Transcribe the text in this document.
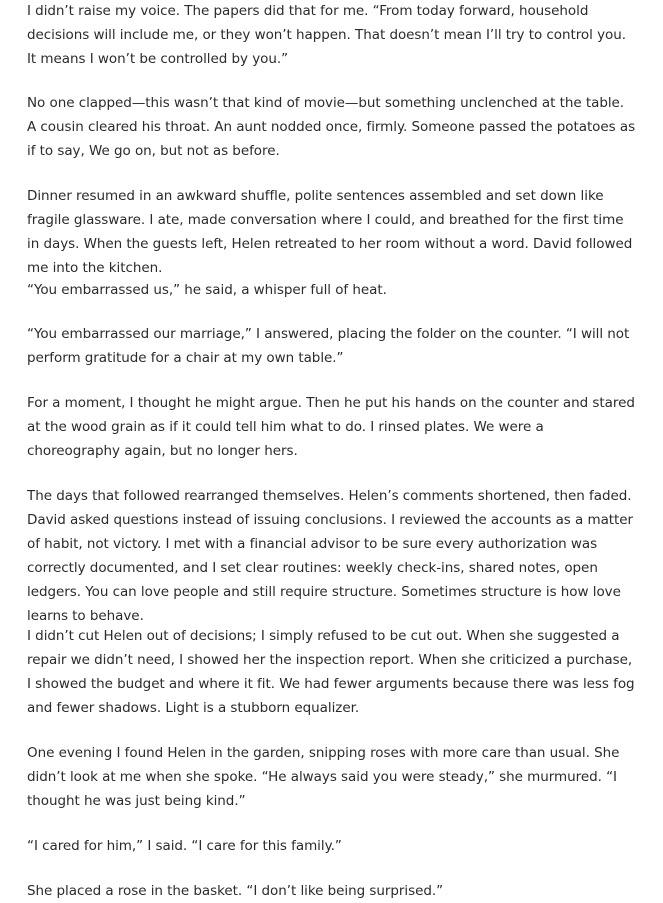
I didn’t raise my voice. The papers did that for me. “From today forward, household decisions will include me, or they won’t happen. That doesn’t mean I’ll try to control you. It means I won’t be controlled by you.”

No one clapped—this wasn’t that kind of movie—but something unclenched at the table. A cousin cleared his throat. An aunt nodded once, firmly. Someone passed the potatoes as if to say, We go on, but not as before.

Dinner resumed in an awkward shuffle, polite sentences assembled and set down like fragile glassware. I ate, made conversation where I could, and breathed for the first time in days. When the guests left, Helen retreated to her room without a word. David followed me into the kitchen.

“You embarrassed us,” he said, a whisper full of heat.

“You embarrassed our marriage,” I answered, placing the folder on the counter. “I will not perform gratitude for a chair at my own table.”

For a moment, I thought he might argue. Then he put his hands on the counter and stared at the wood grain as if it could tell him what to do. I rinsed plates. We were a choreography again, but no longer hers.

The days that followed rearranged themselves. Helen’s comments shortened, then faded. David asked questions instead of issuing conclusions. I reviewed the accounts as a matter of habit, not victory. I met with a financial advisor to be sure every authorization was correctly documented, and I set clear routines: weekly check-ins, shared notes, open ledgers. You can love people and still require structure. Sometimes structure is how love learns to behave.

I didn’t cut Helen out of decisions; I simply refused to be cut out. When she suggested a repair we didn’t need, I showed her the inspection report. When she criticized a purchase, I showed the budget and where it fit. We had fewer arguments because there was less fog and fewer shadows. Light is a stubborn equalizer.

One evening I found Helen in the garden, snipping roses with more care than usual. She didn’t look at me when she spoke. “He always said you were steady,” she murmured. “I thought he was just being kind.”

“I cared for him,” I said. “I care for this family.”

She placed a rose in the basket. “I don’t like being surprised.”
